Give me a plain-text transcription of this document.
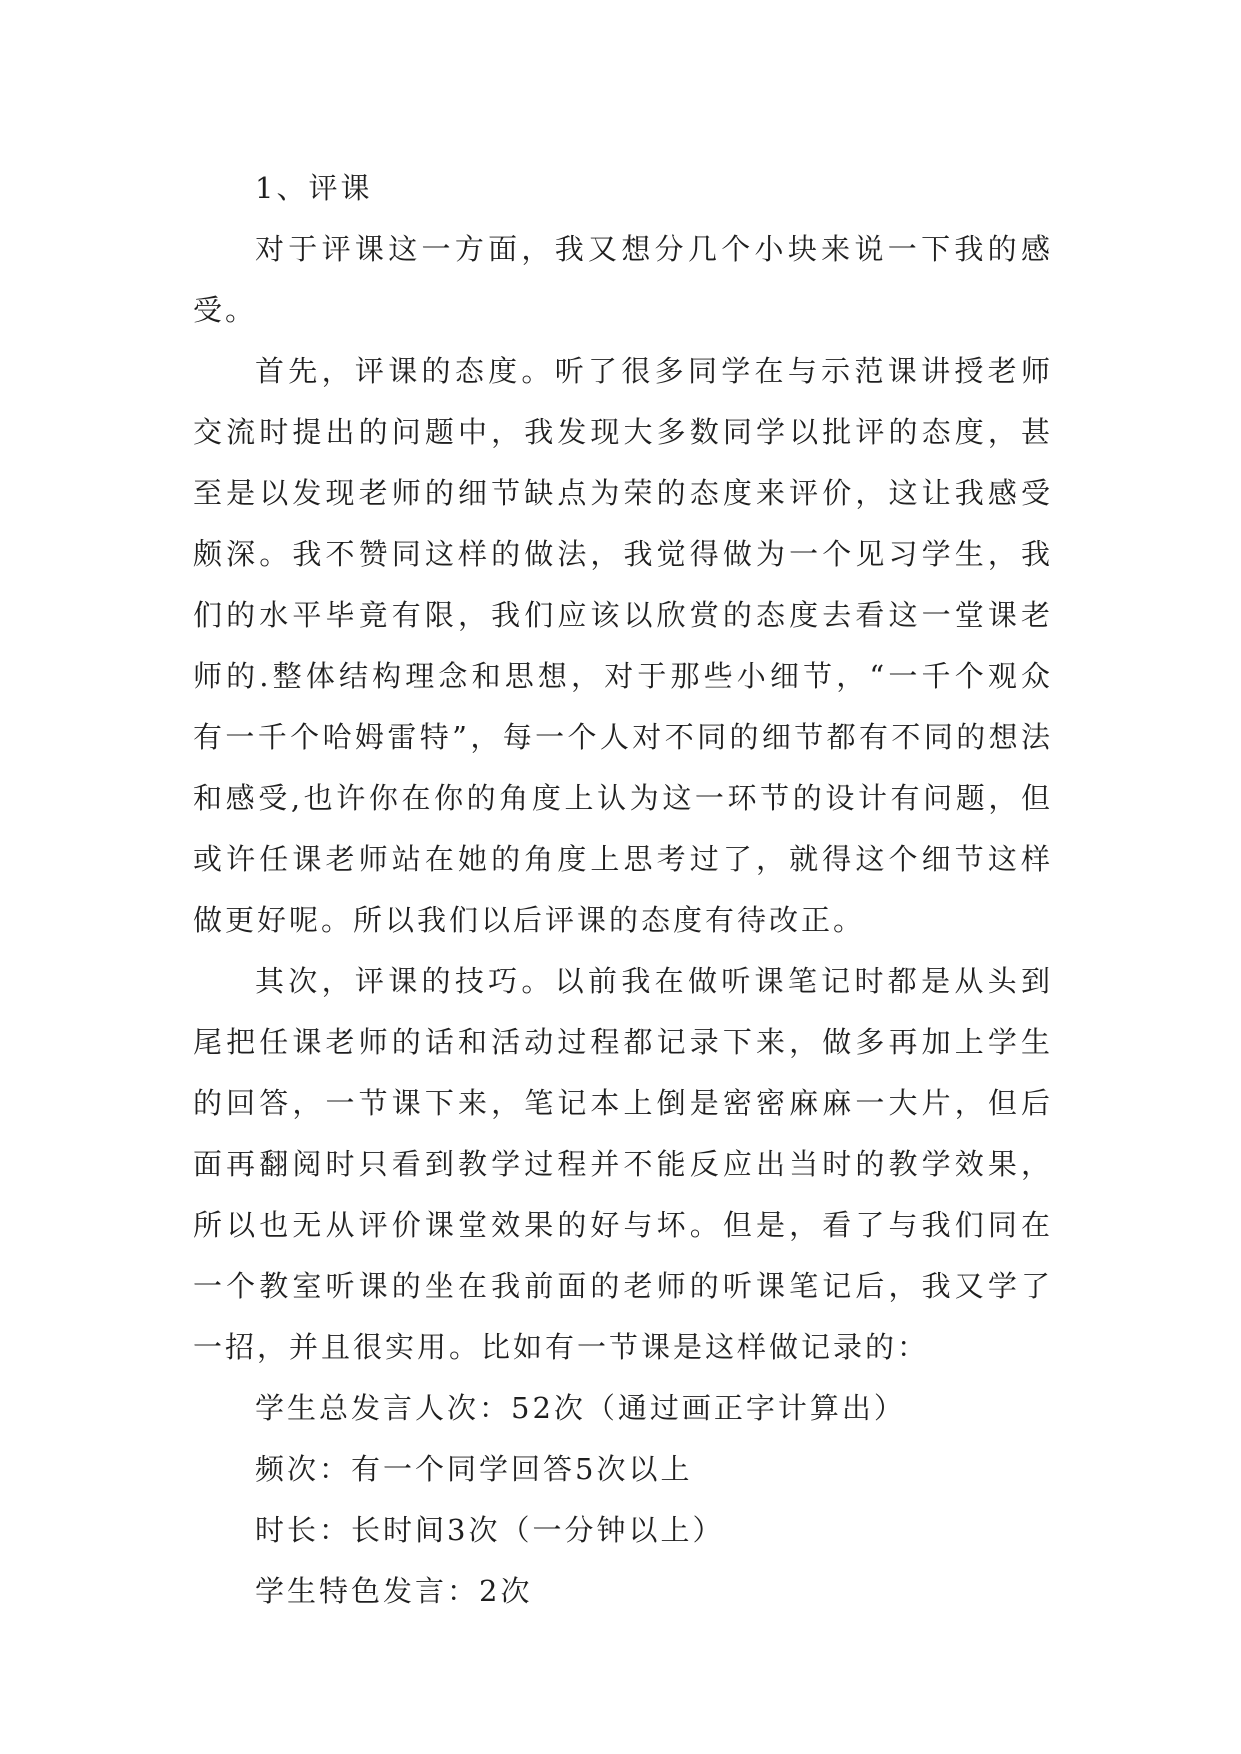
1、评课

对于评课这一方面，我又想分几个小块来说一下我的感受。

首先，评课的态度。听了很多同学在与示范课讲授老师交流时提出的问题中，我发现大多数同学以批评的态度，甚至是以发现老师的细节缺点为荣的态度来评价，这让我感受颇深。我不赞同这样的做法，我觉得做为一个见习学生，我们的水平毕竟有限，我们应该以欣赏的态度去看这一堂课老师的.整体结构理念和思想，对于那些小细节，“一千个观众有一千个哈姆雷特”，每一个人对不同的细节都有不同的想法和感受,也许你在你的角度上认为这一环节的设计有问题，但或许任课老师站在她的角度上思考过了，就得这个细节这样做更好呢。所以我们以后评课的态度有待改正。

其次，评课的技巧。以前我在做听课笔记时都是从头到尾把任课老师的话和活动过程都记录下来，做多再加上学生的回答，一节课下来，笔记本上倒是密密麻麻一大片，但后面再翻阅时只看到教学过程并不能反应出当时的教学效果，所以也无从评价课堂效果的好与坏。但是，看了与我们同在一个教室听课的坐在我前面的老师的听课笔记后，我又学了一招，并且很实用。比如有一节课是这样做记录的：

学生总发言人次：52次（通过画正字计算出）

频次：有一个同学回答5次以上

时长：长时间3次（一分钟以上）

学生特色发言：2次
